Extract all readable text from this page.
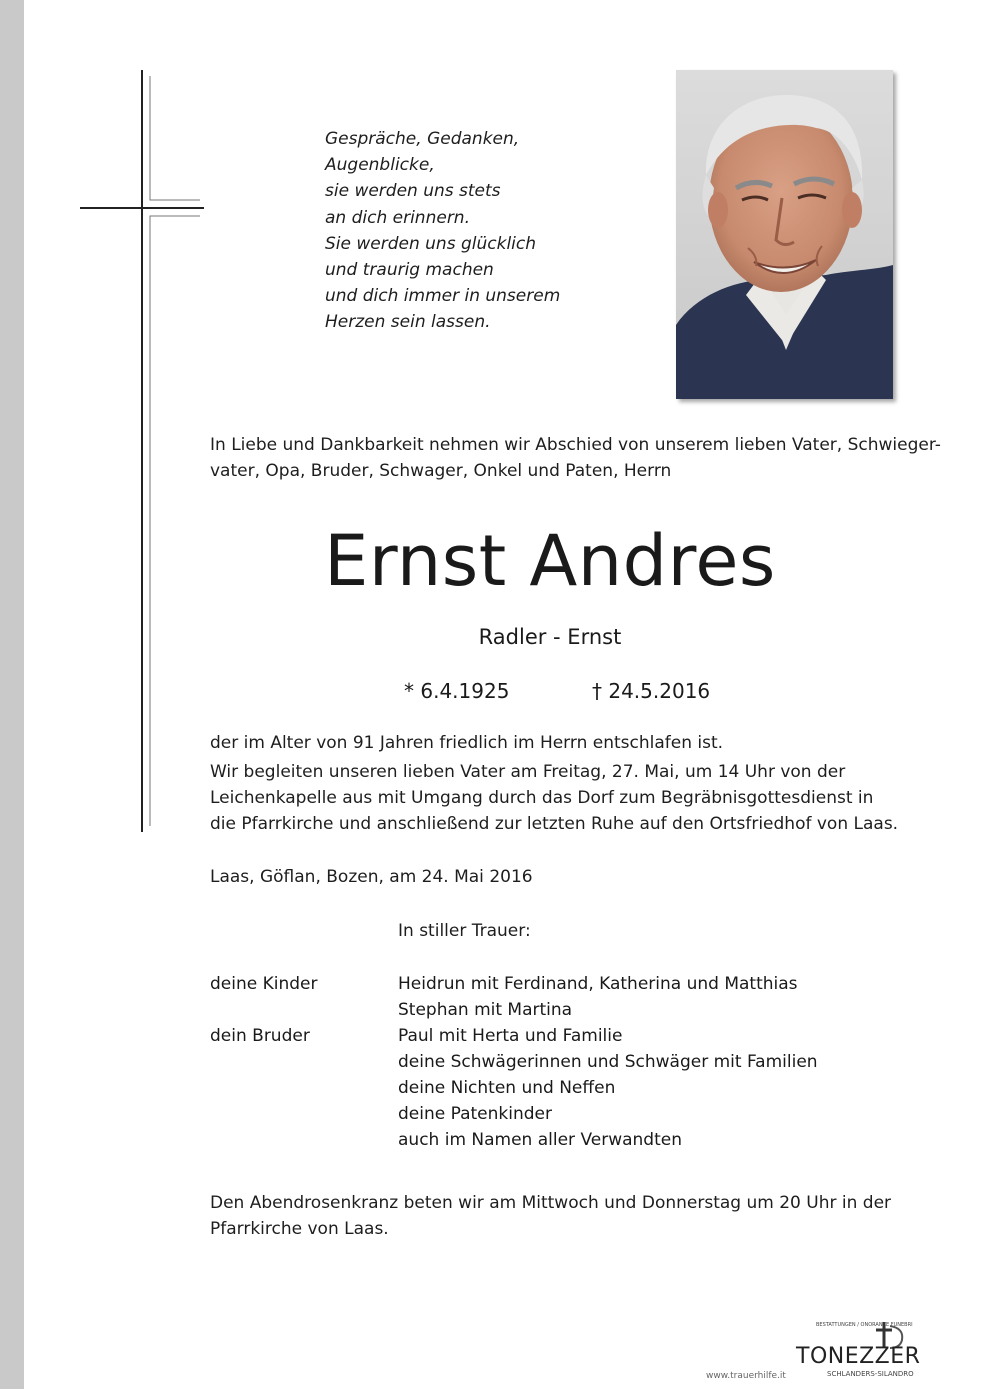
Gespräche, Gedanken,
Augenblicke,
sie werden uns stets
an dich erinnern.
Sie werden uns glücklich
und traurig machen
und dich immer in unserem
Herzen sein lassen.
In Liebe und Dankbarkeit nehmen wir Abschied von unserem lieben Vater, Schwieger-
vater, Opa, Bruder, Schwager, Onkel und Paten, Herrn
Ernst Andres
Radler - Ernst
* 6.4.1925	† 24.5.2016
der im Alter von 91 Jahren friedlich im Herrn entschlafen ist.
Wir begleiten unseren lieben Vater am Freitag, 27. Mai, um 14 Uhr von der
Leichenkapelle aus mit Umgang durch das Dorf zum Begräbnisgottesdienst in
die Pfarrkirche und anschließend zur letzten Ruhe auf den Ortsfriedhof von Laas.
Laas, Göflan, Bozen, am 24. Mai 2016
In stiller Trauer:
deine Kinder	Heidrun mit Ferdinand, Katherina und Matthias
Stephan mit Martina
dein Bruder	Paul mit Herta und Familie
deine Schwägerinnen und Schwäger mit Familien
deine Nichten und Neffen
deine Patenkinder
auch im Namen aller Verwandten
Den Abendrosenkranz beten wir am Mittwoch und Donnerstag um 20 Uhr in der
Pfarrkirche von Laas.
BESTATTUNGEN / ONORANZE FUNEBRI
TONEZZER
SCHLANDERS-SILANDRO
www.trauerhilfe.it
